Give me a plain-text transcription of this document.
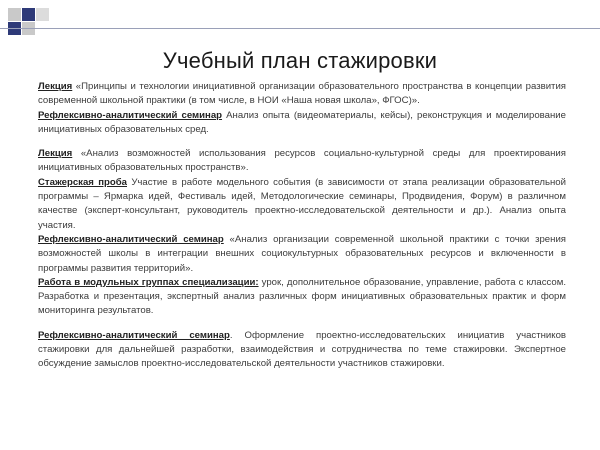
Учебный план стажировки

Лекция «Принципы и технологии инициативной организации образовательного пространства в концепции развития современной школьной практики (в том числе, в НОИ «Наша новая школа», ФГОС)».

Рефлексивно-аналитический семинар Анализ опыта (видеоматериалы, кейсы), реконструкция и моделирование инициативных образовательных сред.

Лекция «Анализ возможностей использования ресурсов социально-культурной среды для проектирования инициативных образовательных пространств».

Стажерская проба Участие в работе модельного события (в зависимости от этапа реализации образовательной программы – Ярмарка идей, Фестиваль идей, Методологические семинары, Продвидения, Форум) в различном качестве (эксперт-консультант, руководитель проектно-исследовательской деятельности и др.). Анализ опыта участия.

Рефлексивно-аналитический семинар «Анализ организации современной школьной практики с точки зрения возможностей школы в интеграции внешних социокультурных образовательных ресурсов и включенности в программы развития территорий».

Работа в модульных группах специализации: урок, дополнительное образование, управление, работа с классом. Разработка и презентация, экспертный анализ различных форм инициативных образовательных практик и форм мониторинга результатов.

Рефлексивно-аналитический семинар. Оформление проектно-исследовательских инициатив участников стажировки для дальнейшей разработки, взаимодействия и сотрудничества по теме стажировки. Экспертное обсуждение замыслов проектно-исследовательской деятельности участников стажировки.
